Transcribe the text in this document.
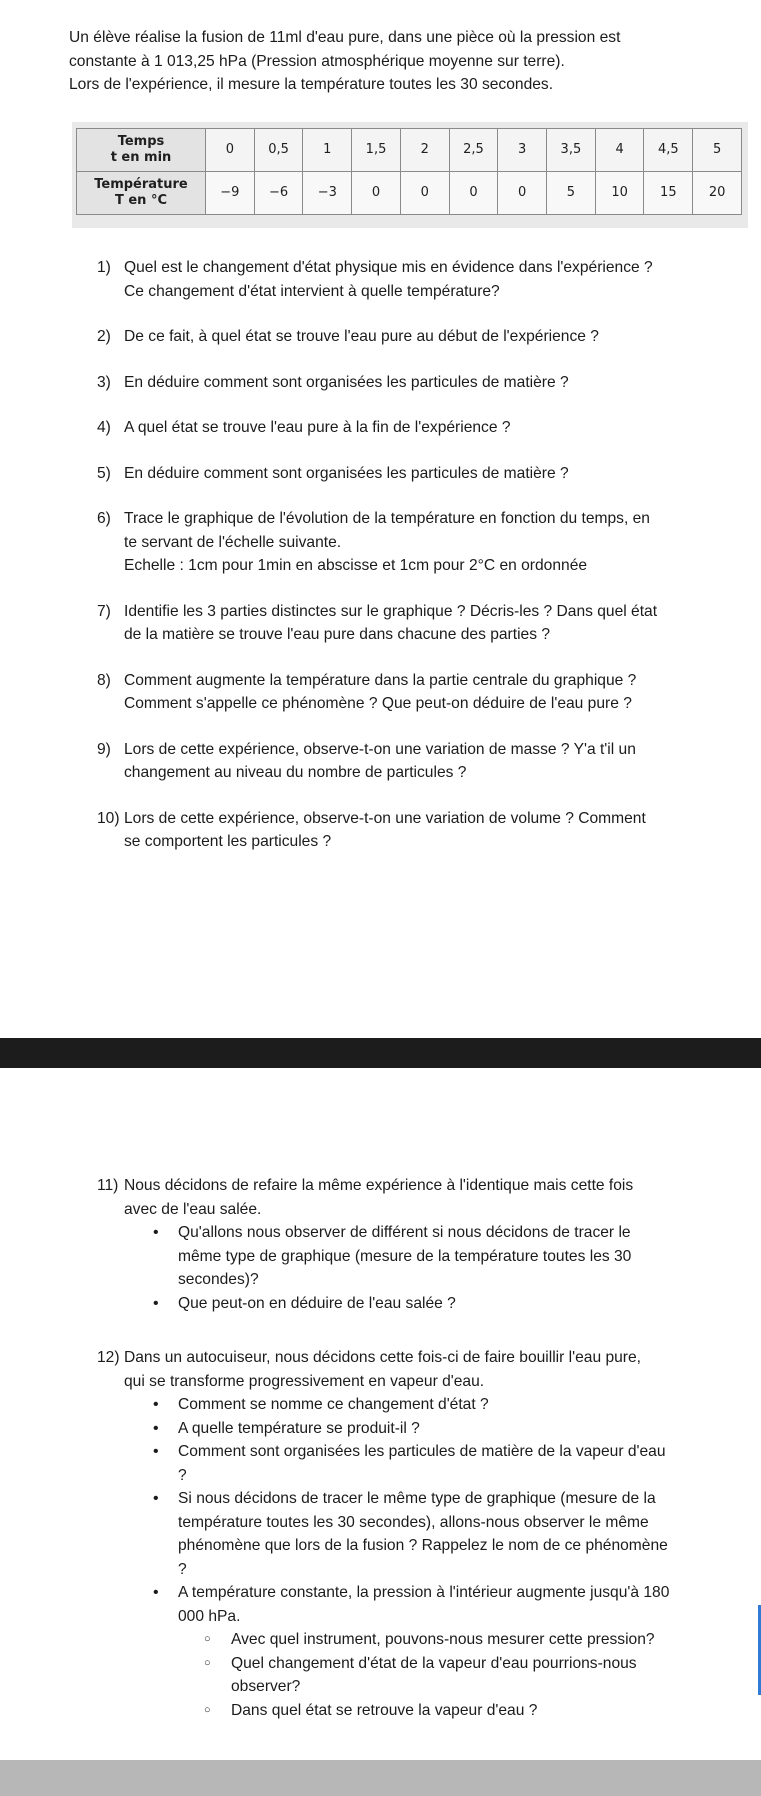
Un élève réalise la fusion de 11ml d'eau pure, dans une pièce où la pression est

constante à 1 013,25 hPa (Pression atmosphérique moyenne sur terre).

Lors de l'expérience, il mesure la température toutes les 30 secondes.

Temps
t en min	0	0,5	1	1,5	2	2,5	3	3,5	4	4,5	5

Température
T en °C	−9	−6	−3	0	0	0	0	5	10	15	20
1) Quel est le changement d'état physique mis en évidence dans l'expérience ?
Ce changement d'état intervient à quelle température?
2) De ce fait, à quel état se trouve l'eau pure au début de l'expérience ?
3) En déduire comment sont organisées les particules de matière ?
4) A quel état se trouve l'eau pure à la fin de l'expérience ?
5) En déduire comment sont organisées les particules de matière ?
6) Trace le graphique de l'évolution de la température en fonction du temps, en
te servant de l'échelle suivante.
Echelle : 1cm pour 1min en abscisse et 1cm pour 2°C en ordonnée
7) Identifie les 3 parties distinctes sur le graphique ? Décris-les ? Dans quel état
de la matière se trouve l'eau pure dans chacune des parties ?
8) Comment augmente la température dans la partie centrale du graphique ?
Comment s'appelle ce phénomène ? Que peut-on déduire de l'eau pure ?
9) Lors de cette expérience, observe-t-on une variation de masse ? Y'a t'il un
changement au niveau du nombre de particules ?
10) Lors de cette expérience, observe-t-on une variation de volume ? Comment
se comportent les particules ?
11) Nous décidons de refaire la même expérience à l'identique mais cette fois
avec de l'eau salée.
• Qu'allons nous observer de différent si nous décidons de tracer le
même type de graphique (mesure de la température toutes les 30
secondes)?
• Que peut-on en déduire de l'eau salée ?
12) Dans un autocuiseur, nous décidons cette fois-ci de faire bouillir l'eau pure,
qui se transforme progressivement en vapeur d'eau.
• Comment se nomme ce changement d'état ?
• A quelle température se produit-il ?
• Comment sont organisées les particules de matière de la vapeur d'eau
?
• Si nous décidons de tracer le même type de graphique (mesure de la
température toutes les 30 secondes), allons-nous observer le même
phénomène que lors de la fusion ? Rappelez le nom de ce phénomène
?
• A température constante, la pression à l'intérieur augmente jusqu'à 180
000 hPa.
○ Avec quel instrument, pouvons-nous mesurer cette pression?
○ Quel changement d'état de la vapeur d'eau pourrions-nous
observer?
○ Dans quel état se retrouve la vapeur d'eau ?
